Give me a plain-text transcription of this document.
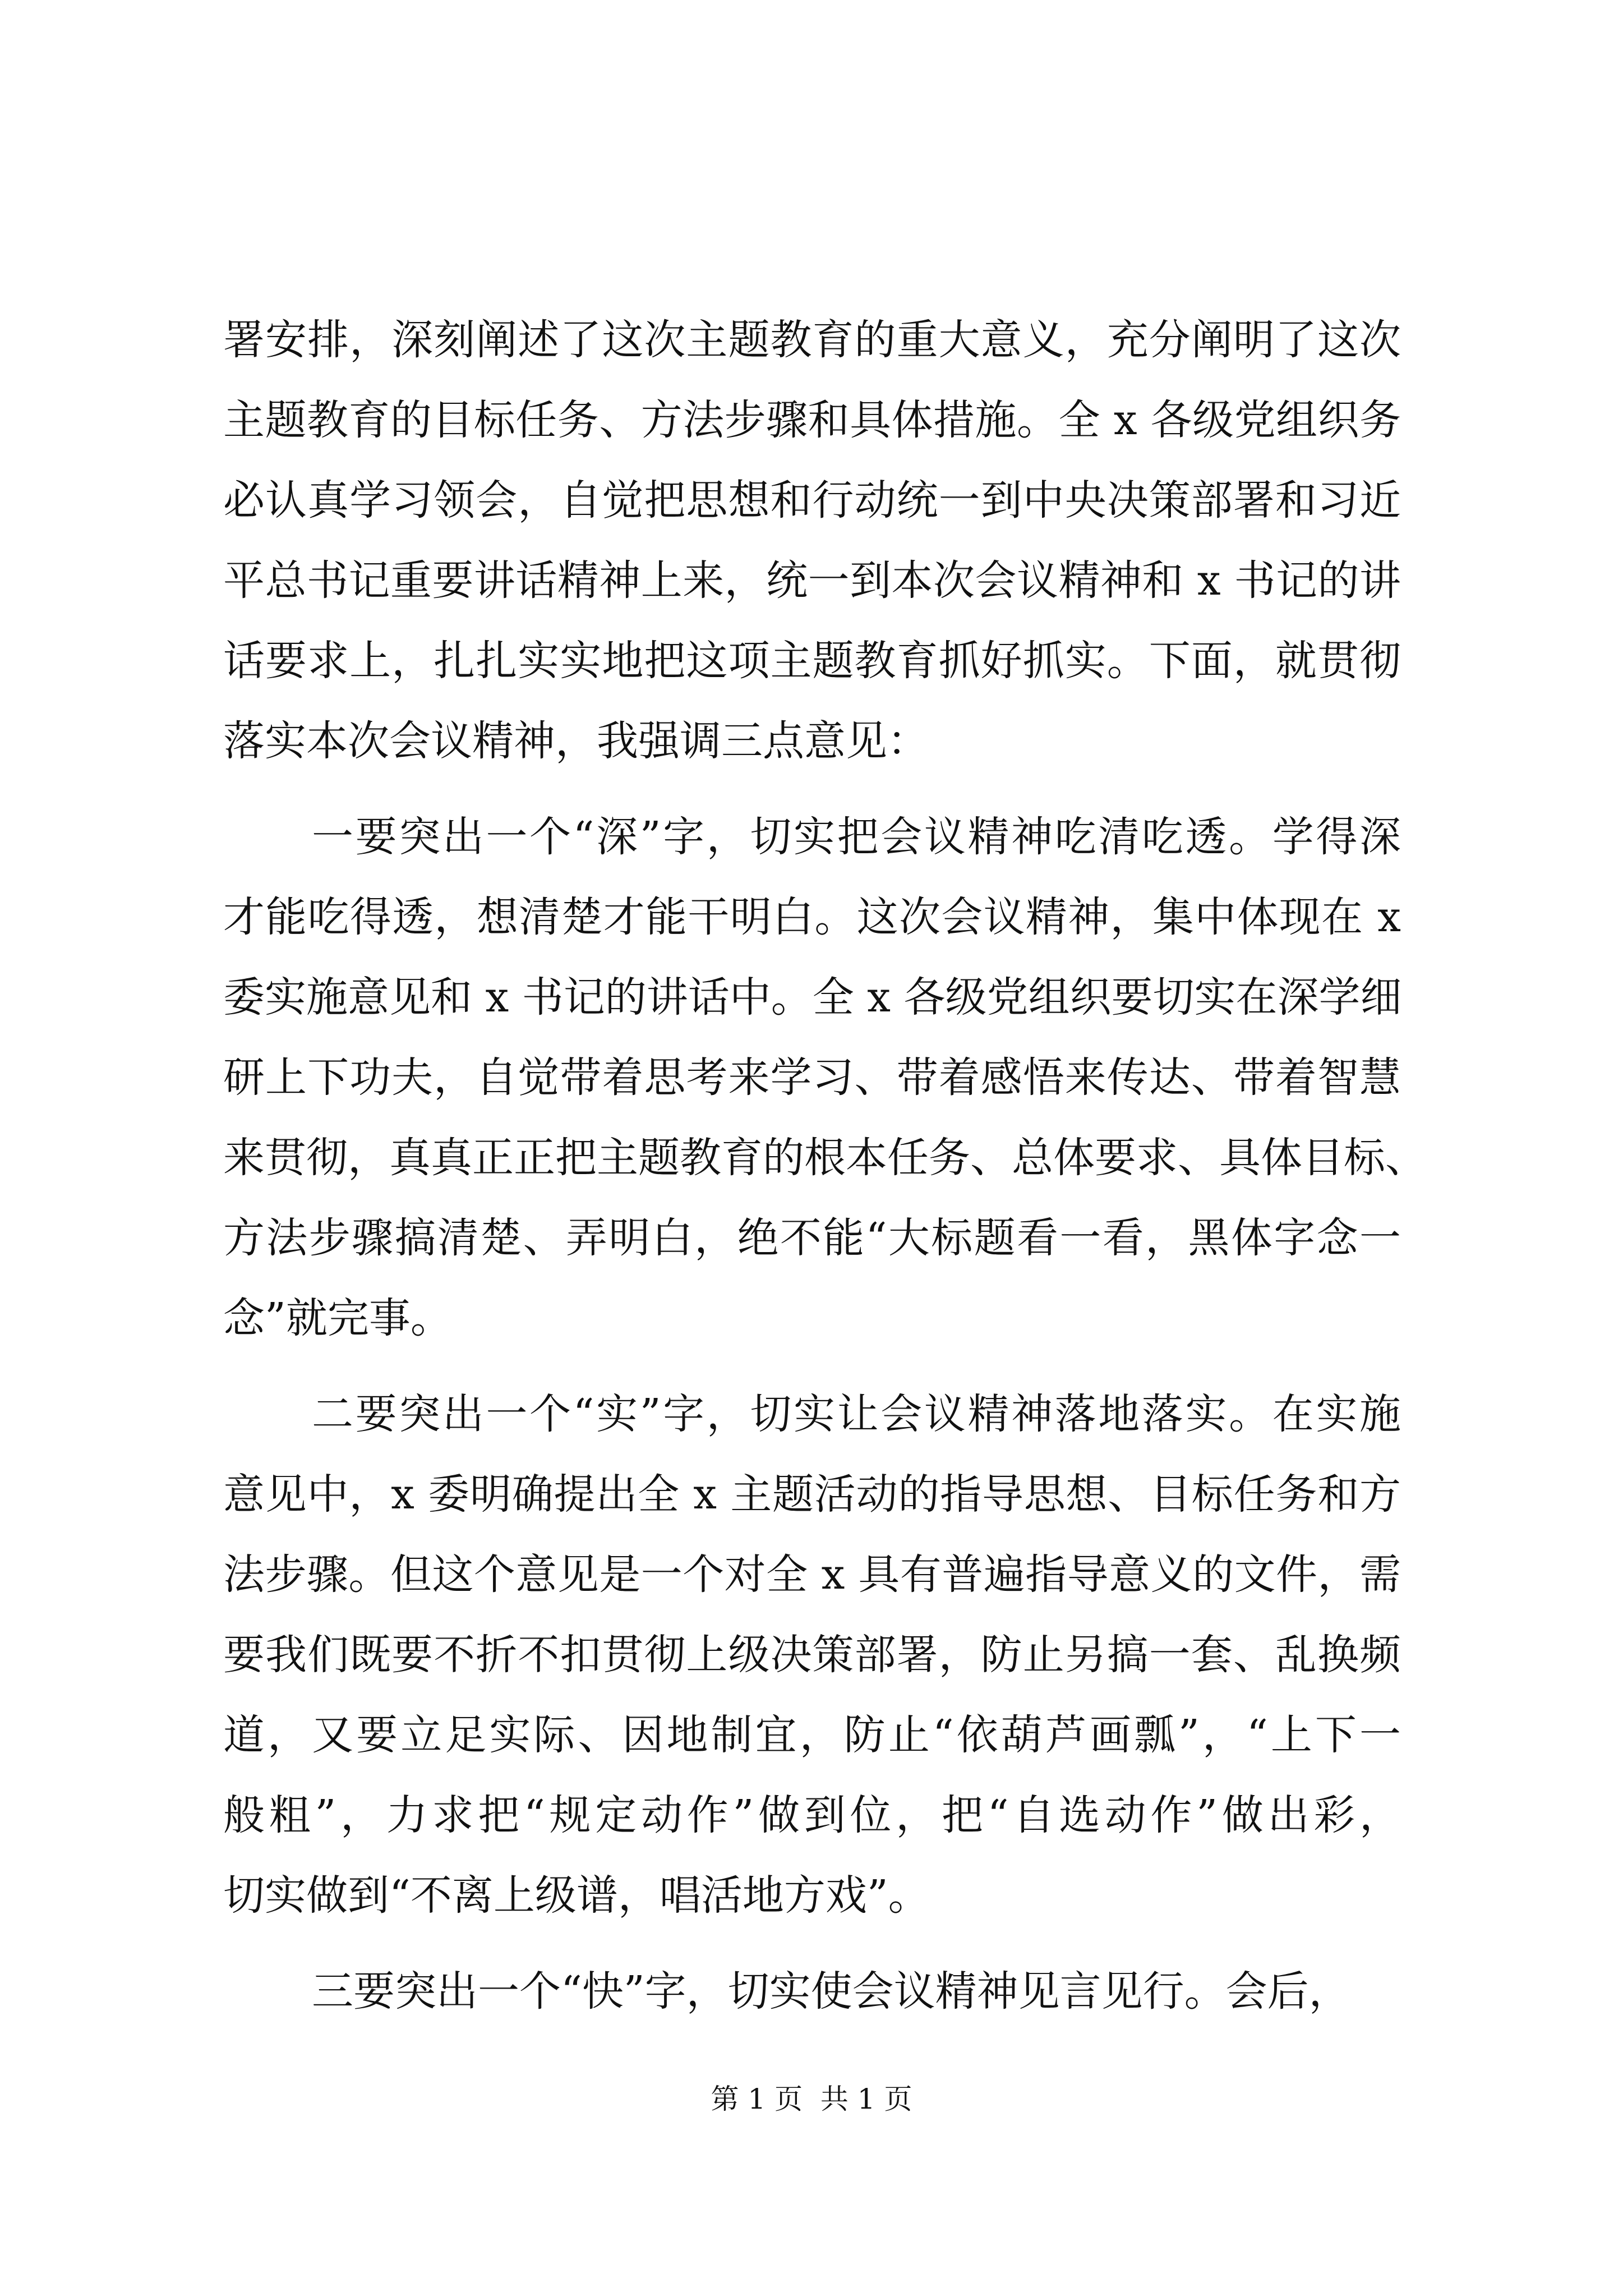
署安排，深刻阐述了这次主题教育的重大意义，充分阐明了这次
主题教育的目标任务、方法步骤和具体措施。全 x 各级党组织务
必认真学习领会，自觉把思想和行动统一到中央决策部署和习近
平总书记重要讲话精神上来，统一到本次会议精神和 x 书记的讲
话要求上，扎扎实实地把这项主题教育抓好抓实。下面，就贯彻
落实本次会议精神，我强调三点意见：
一要突出一个“深”字，切实把会议精神吃清吃透。学得深
才能吃得透，想清楚才能干明白。这次会议精神，集中体现在 x
委实施意见和 x 书记的讲话中。全 x 各级党组织要切实在深学细
研上下功夫，自觉带着思考来学习、带着感悟来传达、带着智慧
来贯彻，真真正正把主题教育的根本任务、总体要求、具体目标、
方法步骤搞清楚、弄明白，绝不能“大标题看一看，黑体字念一
念”就完事。
二要突出一个“实”字，切实让会议精神落地落实。在实施
意见中，x 委明确提出全 x 主题活动的指导思想、目标任务和方
法步骤。但这个意见是一个对全 x 具有普遍指导意义的文件，需
要我们既要不折不扣贯彻上级决策部署，防止另搞一套、乱换频
道，又要立足实际、因地制宜，防止“依葫芦画瓢”，“上下一
般粗”，力求把“规定动作”做到位，把“自选动作”做出彩，
切实做到“不离上级谱，唱活地方戏”。
三要突出一个“快”字，切实使会议精神见言见行。会后，
第 1 页  共 1 页
